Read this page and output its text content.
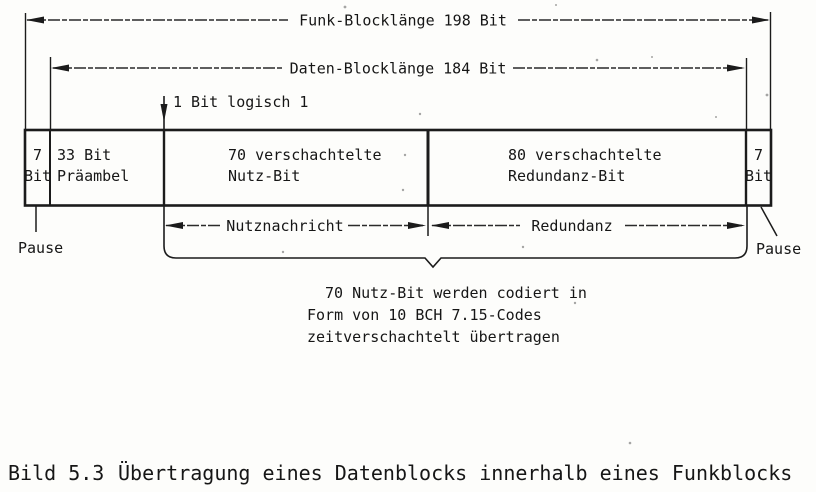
Funk-Blocklänge 198 Bit
Daten-Blocklänge 184 Bit
1 Bit logisch 1
7
Bit
33 Bit
Präambel
70 verschachtelte
Nutz-Bit
80 verschachtelte
Redundanz-Bit
7
Bit
Nutznachricht	Redundanz
Pause	Pause
70 Nutz-Bit werden codiert in
Form von 10 BCH 7.15-Codes
zeitverschachtelt übertragen
Bild 5.3 Übertragung eines Datenblocks innerhalb eines Funkblocks
